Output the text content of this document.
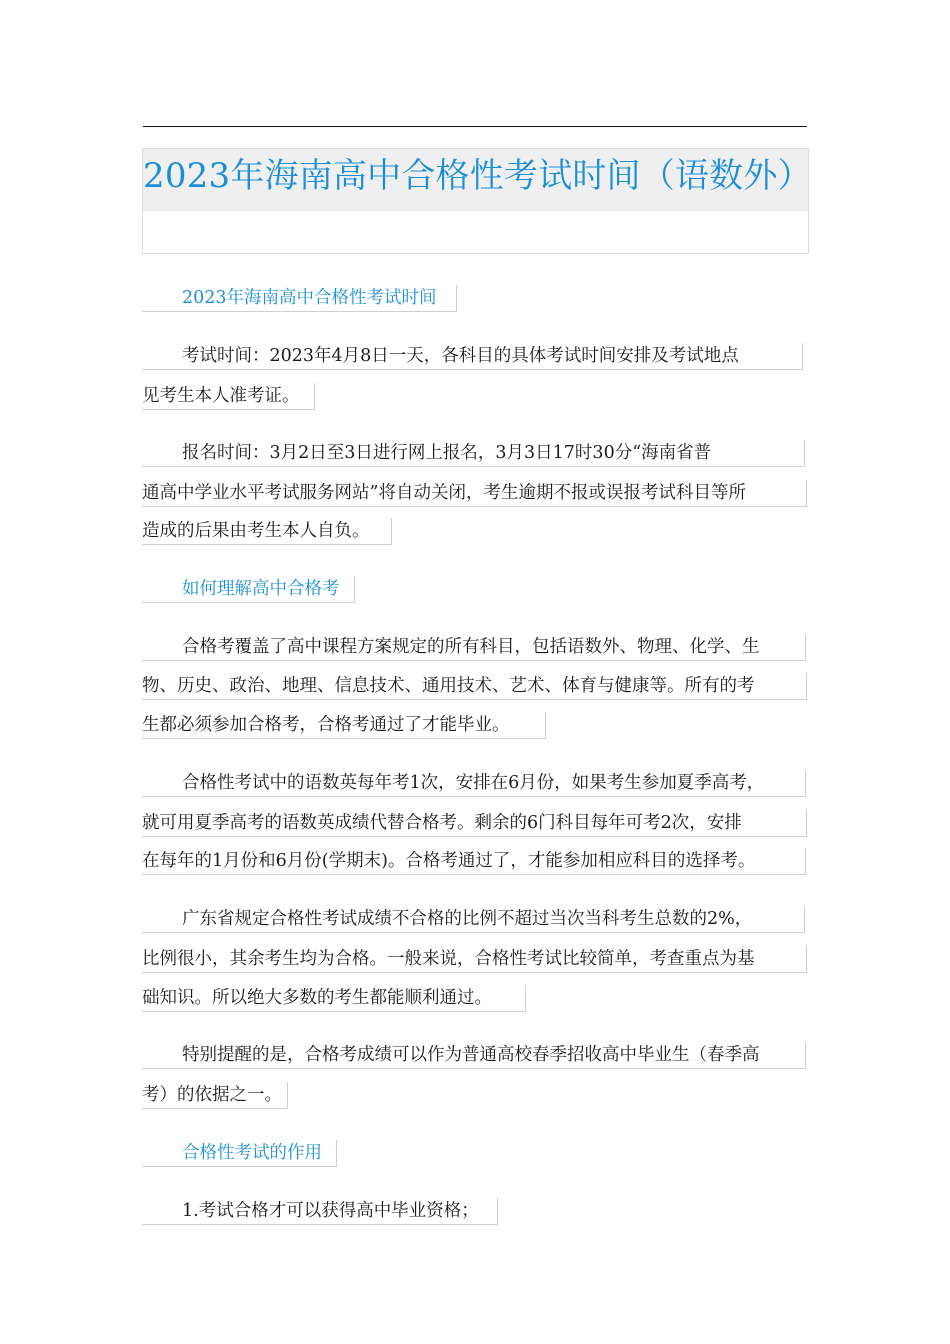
2023年海南高中合格性考试时间（语数外）
2023年海南高中合格性考试时间
考试时间：2023年4月8日一天，各科目的具体考试时间安排及考试地点
见考生本人准考证。
报名时间：3月2日至3日进行网上报名，3月3日17时30分“海南省普
通高中学业水平考试服务网站”将自动关闭，考生逾期不报或误报考试科目等所
造成的后果由考生本人自负。
如何理解高中合格考
合格考覆盖了高中课程方案规定的所有科目，包括语数外、物理、化学、生
物、历史、政治、地理、信息技术、通用技术、艺术、体育与健康等。所有的考
生都必须参加合格考，合格考通过了才能毕业。
合格性考试中的语数英每年考1次，安排在6月份，如果考生参加夏季高考，
就可用夏季高考的语数英成绩代替合格考。剩余的6门科目每年可考2次，安排
在每年的1月份和6月份(学期末)。合格考通过了，才能参加相应科目的选择考。
广东省规定合格性考试成绩不合格的比例不超过当次当科考生总数的2%，
比例很小，其余考生均为合格。一般来说，合格性考试比较简单，考查重点为基
础知识。所以绝大多数的考生都能顺利通过。
特别提醒的是，合格考成绩可以作为普通高校春季招收高中毕业生（春季高
考）的依据之一。
合格性考试的作用
1.考试合格才可以获得高中毕业资格；
